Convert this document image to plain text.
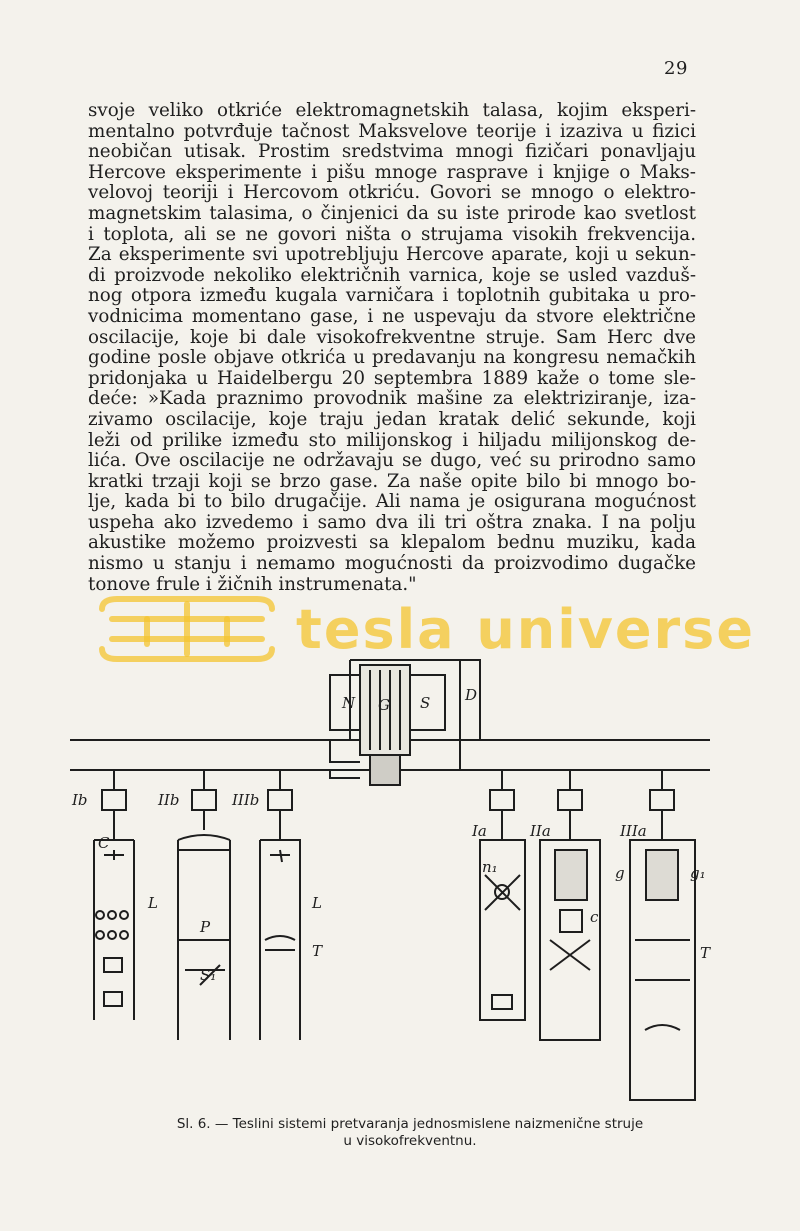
29
svoje veliko otkriće elektromagnetskih talasa, kojim eksperi-
mentalno potvrđuje tačnost Maksvelove teorije i izaziva u fizici
neobičan utisak. Prostim sredstvima mnogi fizičari ponavljaju
Hercove eksperimente i pišu mnoge rasprave i knjige o Maks-
velovoj teoriji i Hercovom otkriću. Govori se mnogo o elektro-
magnetskim talasima, o činjenici da su iste prirode kao svetlost
i toplota, ali se ne govori ništa o strujama visokih frekvencija.
Za eksperimente svi upotrebljuju Hercove aparate, koji u sekun-
di proizvode nekoliko električnih varnica, koje se usled vazduš-
nog otpora između kugala varničara i toplotnih gubitaka u pro-
vodnicima momentano gase, i ne uspevaju da stvore električne
oscilacije, koje bi dale visokofrekventne struje. Sam Herc dve
godine posle objave otkrića u predavanju na kongresu nemačkih
pridonjaka u Haidelbergu 20 septembra 1889 kaže o tome sle-
deće: »Kada praznimo provodnik mašine za elektriziranje, iza-
zivamo oscilacije, koje traju jedan kratak delić sekunde, koji
leži od prilike između sto milijonskog i hiljadu milijonskog de-
lića. Ove oscilacije ne održavaju se dugo, već su prirodno samo
kratki trzaji koji se brzo gase. Za naše opite bilo bi mnogo bo-
lje, kada bi to bilo drugačije. Ali nama je osigurana mogućnost
uspeha ako izvedemo i samo dva ili tri oštra znaka. I na polju
akustike možemo proizvesti sa klepalom bednu muziku, kada
nismo u stanju i nemamo mogućnosti da proizvodimo dugačke
tonove frule i žičnih instrumenata."
tesla universe
N G S D
Ib	IIb	IIIb
Ia	IIa	IIIa
C
L	L
T	T
P
S₁
n₁	g	g₁
c
Sl. 6. — Teslini sistemi pretvaranja jednosmislene naizmenične struje
u visokofrekventnu.
